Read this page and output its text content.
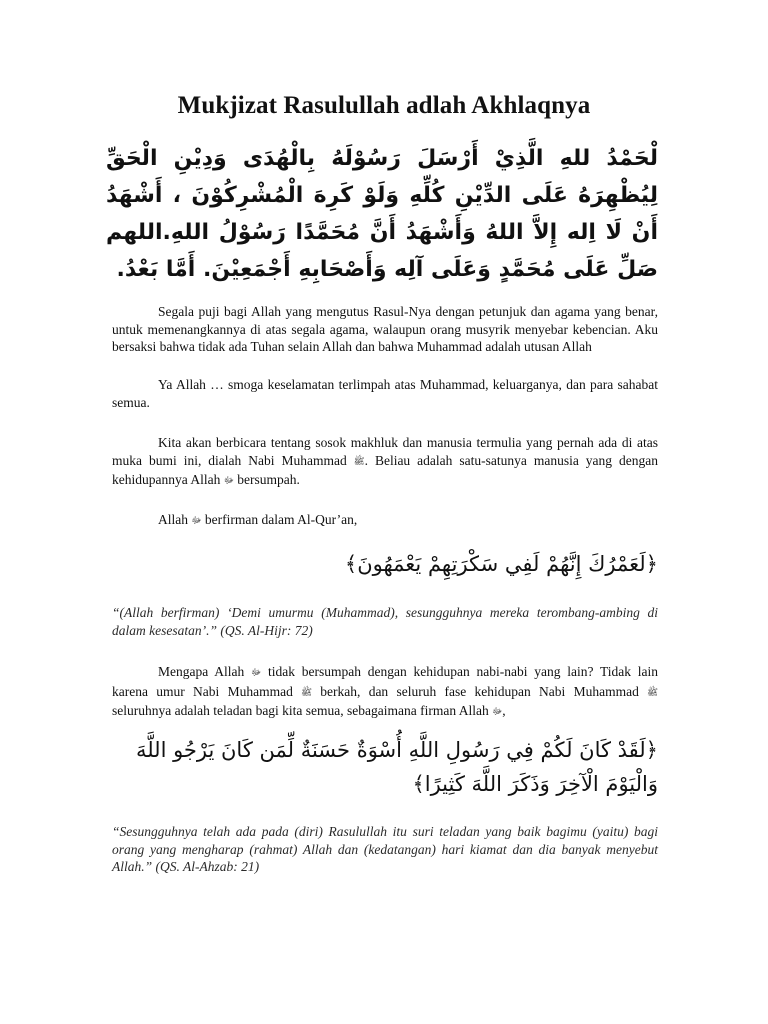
Mukjizat Rasulullah adlah Akhlaqnya

لْحَمْدُ للهِ الَّذِيْ أَرْسَلَ رَسُوْلَهُ بِالْهُدَى وَدِيْنِ الْحَقِّ لِيُظْهِرَهُ عَلَى الدِّيْنِ كُلِّهِ وَلَوْ كَرِهَ الْمُشْرِكُوْنَ ، أَشْهَدُ أَنْ لَا اِله إِلاَّ اللهُ وَأَشْهَدُ أَنَّ مُحَمَّدًا رَسُوْلُ اللهِ.اللهم صَلِّ عَلَى مُحَمَّدٍ وَعَلَى آلِه وَأَصْحَابِهِ أَجْمَعِيْنَ. أَمَّا بَعْدُ.

Segala puji bagi Allah yang mengutus Rasul-Nya dengan petunjuk dan agama yang benar, untuk memenangkannya di atas segala agama, walaupun orang musyrik menyebar kebencian. Aku bersaksi bahwa tidak ada Tuhan selain Allah dan bahwa Muhammad adalah utusan Allah

Ya Allah … smoga keselamatan terlimpah atas Muhammad, keluarganya, dan para sahabat semua.

Kita akan berbicara tentang sosok makhluk dan manusia termulia yang pernah ada di atas muka bumi ini, dialah Nabi Muhammad ﷺ. Beliau adalah satu-satunya manusia yang dengan kehidupannya Allah ﷻ bersumpah.

Allah ﷻ berfirman dalam Al-Qur’an,

﴿لَعَمْرُكَ إِنَّهُمْ لَفِي سَكْرَتِهِمْ يَعْمَهُونَ﴾

“(Allah berfirman) ‘Demi umurmu (Muhammad), sesungguhnya mereka terombang-ambing di dalam kesesatan’.” (QS. Al-Hijr: 72)

Mengapa Allah ﷻ tidak bersumpah dengan kehidupan nabi-nabi yang lain? Tidak lain karena umur Nabi Muhammad ﷺ berkah, dan seluruh fase kehidupan Nabi Muhammad ﷺ seluruhnya adalah teladan bagi kita semua, sebagaimana firman Allah ﷻ,

﴿لَقَدْ كَانَ لَكُمْ فِي رَسُولِ اللَّهِ أُسْوَةٌ حَسَنَةٌ لِّمَن كَانَ يَرْجُو اللَّهَ وَالْيَوْمَ الْآخِرَ وَذَكَرَ اللَّهَ كَثِيرًا﴾

“Sesungguhnya telah ada pada (diri) Rasulullah itu suri teladan yang baik bagimu (yaitu) bagi orang yang mengharap (rahmat) Allah dan (kedatangan) hari kiamat dan dia banyak menyebut Allah.” (QS. Al-Ahzab: 21)
